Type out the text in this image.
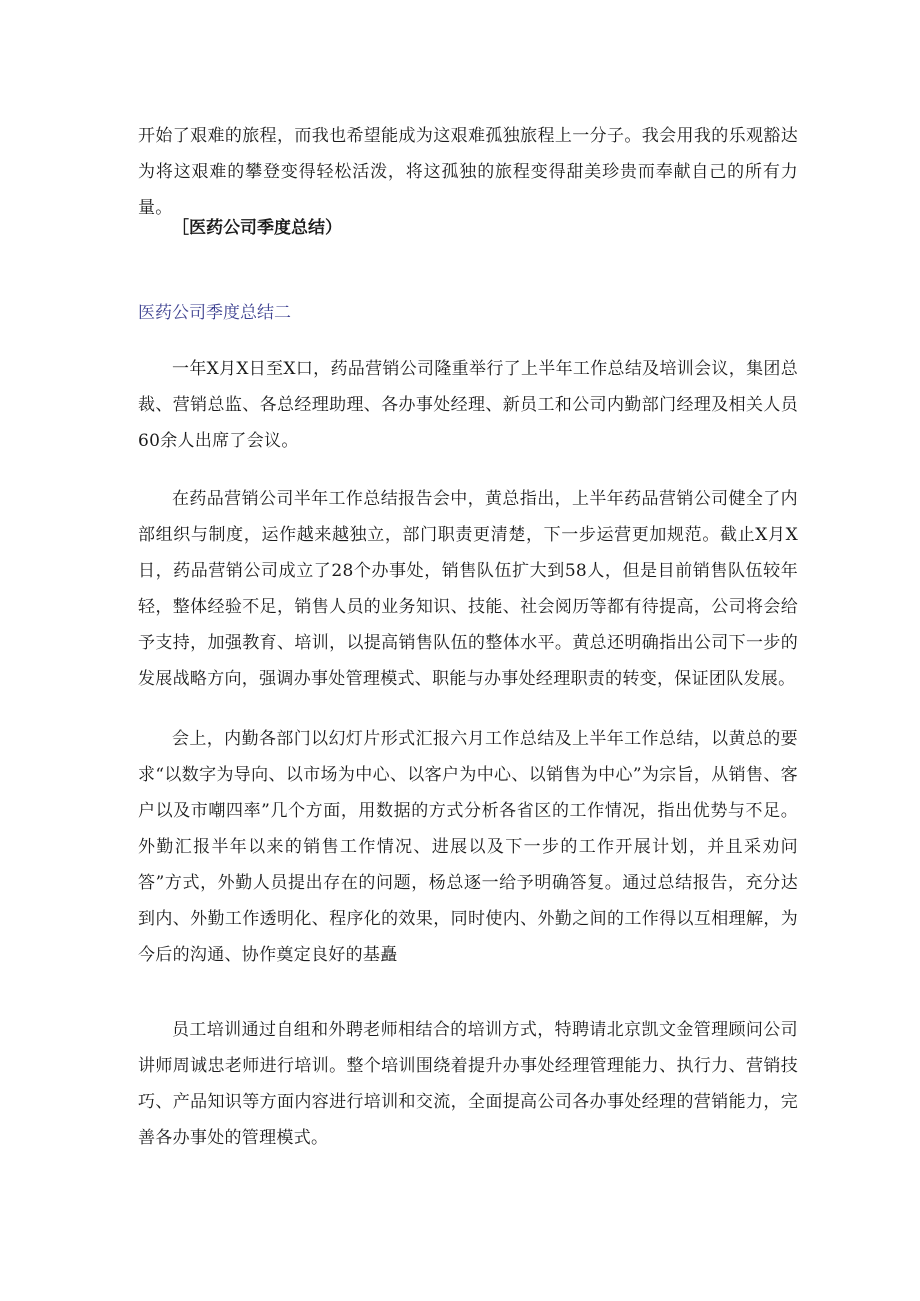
开始了艰难的旅程，而我也希望能成为这艰难孤独旅程上一分子。我会用我的乐观豁达为将这艰难的攀登变得轻松活泼，将这孤独的旅程变得甜美珍贵而奉献自己的所有力量。

［医药公司季度总结）

医药公司季度总结二

一年X月X日至X口，药品营销公司隆重举行了上半年工作总结及培训会议，集团总裁、营销总监、各总经理助理、各办事处经理、新员工和公司内勤部门经理及相关人员60余人出席了会议。

在药品营销公司半年工作总结报告会中，黄总指出，上半年药品营销公司健全了内部组织与制度，运作越来越独立，部门职责更清楚，下一步运营更加规范。截止X月X日，药品营销公司成立了28个办事处，销售队伍扩大到58人，但是目前销售队伍较年轻，整体经验不足，销售人员的业务知识、技能、社会阅历等都有待提高，公司将会给予支持，加强教育、培训，以提高销售队伍的整体水平。黄总还明确指出公司下一步的发展战略方向，强调办事处管理模式、职能与办事处经理职责的转变，保证团队发展。

会上，内勤各部门以幻灯片形式汇报六月工作总结及上半年工作总结，以黄总的要求“以数字为导向、以市场为中心、以客户为中心、以销售为中心”为宗旨，从销售、客户以及市嘲四率”几个方面，用数据的方式分析各省区的工作情况，指出优势与不足。外勤汇报半年以来的销售工作情况、进展以及下一步的工作开展计划，并且采劝问答”方式，外勤人员提出存在的问题，杨总逐一给予明确答复。通过总结报告，充分达到内、外勤工作透明化、程序化的效果，同时使内、外勤之间的工作得以互相理解，为今后的沟通、协作奠定良好的基矗

员工培训通过自组和外聘老师相结合的培训方式，特聘请北京凯文金管理顾问公司讲师周诚忠老师进行培训。整个培训围绕着提升办事处经理管理能力、执行力、营销技巧、产品知识等方面内容进行培训和交流，全面提高公司各办事处经理的营销能力，完善各办事处的管理模式。
